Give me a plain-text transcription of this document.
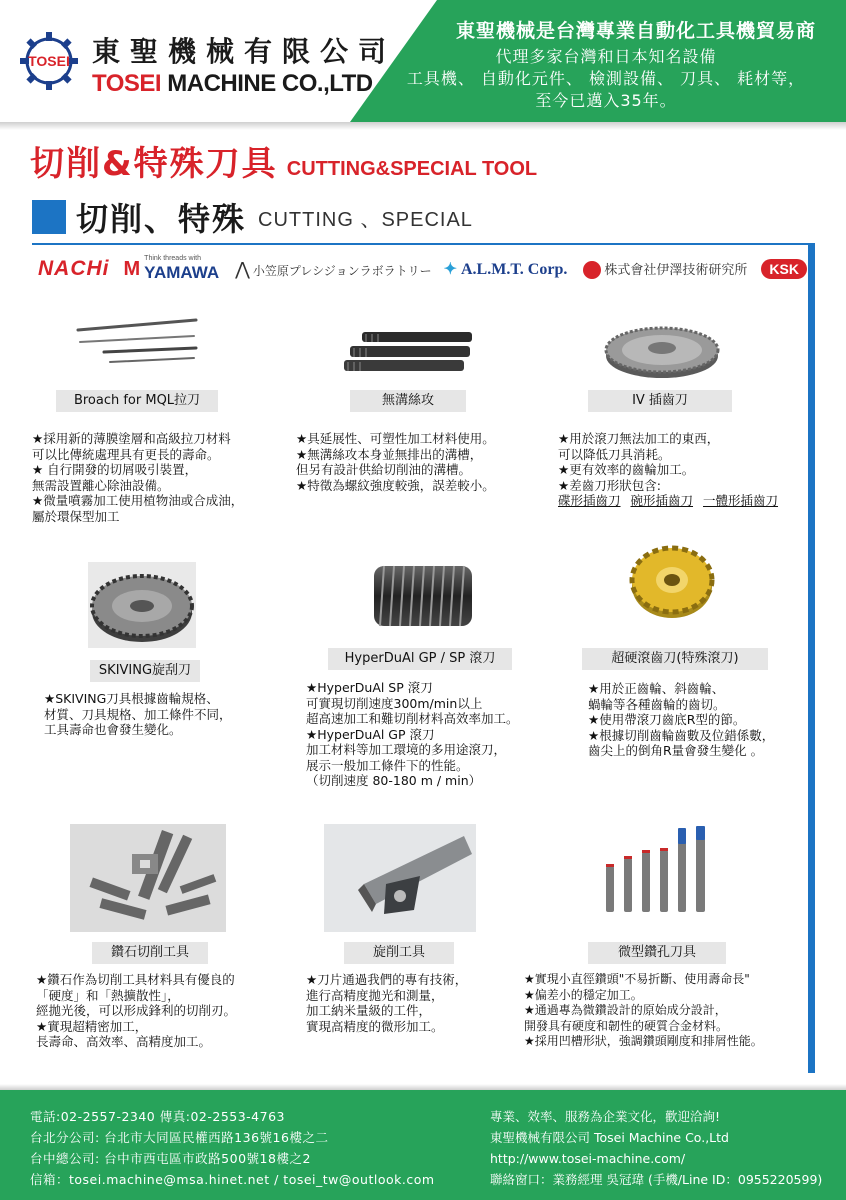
TOSEI 東聖機械有限公司
TOSEI MACHINE CO.,LTD
東聖機械是台灣專業自動化工具機貿易商
代理多家台灣和日本知名設備
工具機、 自動化元件、 檢測設備、 刀具、 耗材等，
至今已邁入35年。
切削&特殊刀具 CUTTING&SPECIAL TOOL
切削、特殊 CUTTING 、SPECIAL
NACHi M Think threads with
YAMAWA ⋀ 小笠原プレシジョンラボラトリー ✦ A.L.M.T. Corp.	株式會社伊澤技術研究所	KSK
Broach for MQL拉刀	無溝絲攻	IV 插齒刀
★採用新的薄膜塗層和高級拉刀材料
可以比傳統處理具有更長的壽命。
★ 自行開發的切屑吸引裝置，
無需設置離心除油設備。
★微量噴霧加工使用植物油或合成油，
屬於環保型加工
★具延展性、可塑性加工材料使用。
★無溝絲攻本身並無排出的溝槽，
但另有設計供給切削油的溝槽。
★特徵為螺紋強度較強，誤差較小。
★用於滾刀無法加工的東西，
可以降低刀具消耗。
★更有效率的齒輪加工。
★差齒刀形狀包含:
碟形插齒刀 碗形插齒刀 一體形插齒刀
SKIVING旋刮刀
HyperDuAl GP / SP 滾刀	超硬滾齒刀(特殊滾刀)
★SKIVING刀具根據齒輪規格、
材質、刀具規格、加工條件不同，
工具壽命也會發生變化。
★HyperDuAl SP 滾刀
可實現切削速度300m/min以上
超高速加工和難切削材料高效率加工。
★HyperDuAl GP 滾刀
加工材料等加工環境的多用途滾刀，
展示一般加工條件下的性能。
（切削速度 80-180 m / min）
★用於正齒輪、斜齒輪、
蝸輪等各種齒輪的齒切。
★使用帶滾刀齒底R型的節。
★根據切削齒輪齒數及位錯係數，
齒尖上的倒角R量會發生變化 。
鑽石切削工具	旋削工具	微型鑽孔刀具
★鑽石作為切削工具材料具有優良的
「硬度」和「熱擴散性」，
經拋光後，可以形成鋒利的切削刃。
★實現超精密加工，
長壽命、高效率、高精度加工。
★刀片通過我們的專有技術，
進行高精度拋光和測量，
加工納米量級的工件，
實現高精度的微形加工。
★實現小直徑鑽頭"不易折斷、使用壽命長"
★偏差小的穩定加工。
★通過專為微鑽設計的原始成分設計，
開發具有硬度和韌性的硬質合金材料。
★採用凹槽形狀，強調鑽頭剛度和排屑性能。
電話:02-2557-2340 傳真:02-2553-4763
台北分公司: 台北市大同區民權西路136號16樓之二
台中總公司: 台中市西屯區市政路500號18樓之2
信箱：tosei.machine@msa.hinet.net / tosei_tw@outlook.com
專業、效率、服務為企業文化，歡迎洽詢!
東聖機械有限公司 Tosei Machine Co.,Ltd
http://www.tosei-machine.com/
聯絡窗口：業務經理 吳冠瑋 (手機/Line ID：0955220599)
